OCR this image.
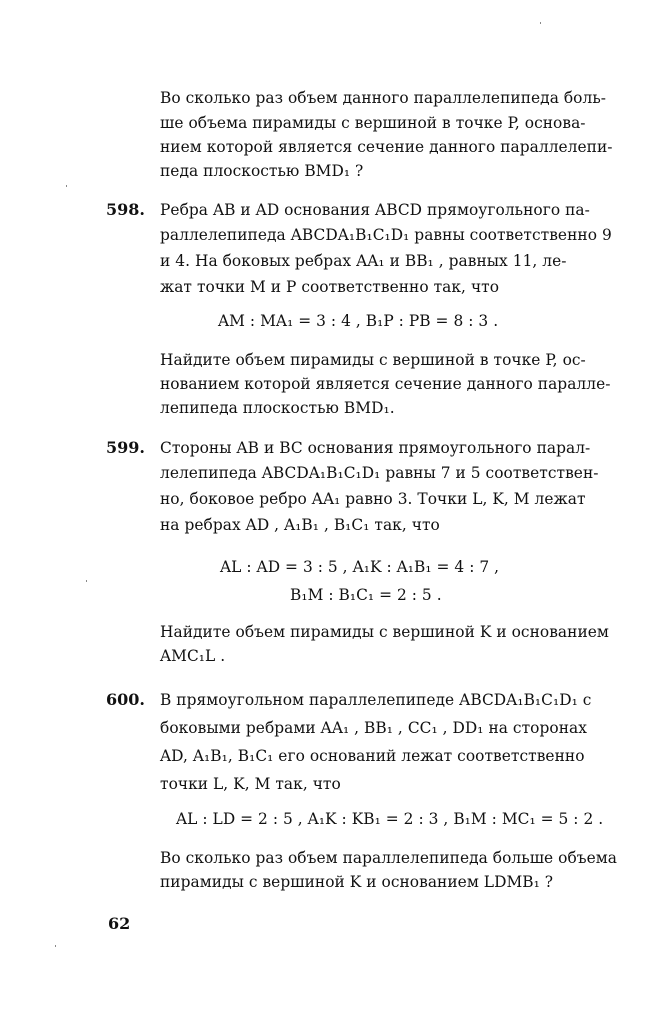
Во сколько раз объем данного параллелепипеда боль-
ше объема пирамиды с вершиной в точке P, основа-
нием которой является сечение данного параллелепи-
педа плоскостью BMD₁ ?
598. Ребра AB и AD основания ABCD прямоугольного па-
раллелепипеда ABCDA₁B₁C₁D₁ равны соответственно 9
и 4. На боковых ребрах AA₁ и BB₁ , равных 11, ле-
жат точки M и P соответственно так, что
AM : MA₁ = 3 : 4 , B₁P : PB = 8 : 3 .
Найдите объем пирамиды с вершиной в точке P, ос-
нованием которой является сечение данного паралле-
лепипеда плоскостью BMD₁.
599. Стороны AB и BC основания прямоугольного парал-
лелепипеда ABCDA₁B₁C₁D₁ равны 7 и 5 соответствен-
но, боковое ребро AA₁ равно 3. Точки L, K, M лежат
на ребрах AD , A₁B₁ , B₁C₁ так, что
AL : AD = 3 : 5 , A₁K : A₁B₁ = 4 : 7 ,
B₁M : B₁C₁ = 2 : 5 .
Найдите объем пирамиды с вершиной K и основанием
AMC₁L .
600. В прямоугольном параллелепипеде ABCDA₁B₁C₁D₁ с
боковыми ребрами AA₁ , BB₁ , CC₁ , DD₁ на сторонах
AD, A₁B₁, B₁C₁ его оснований лежат соответственно
точки L, K, M так, что
AL : LD = 2 : 5 , A₁K : KB₁ = 2 : 3 , B₁M : MC₁ = 5 : 2 .
Во сколько раз объем параллелепипеда больше объема
пирамиды с вершиной K и основанием LDMB₁ ?
62
